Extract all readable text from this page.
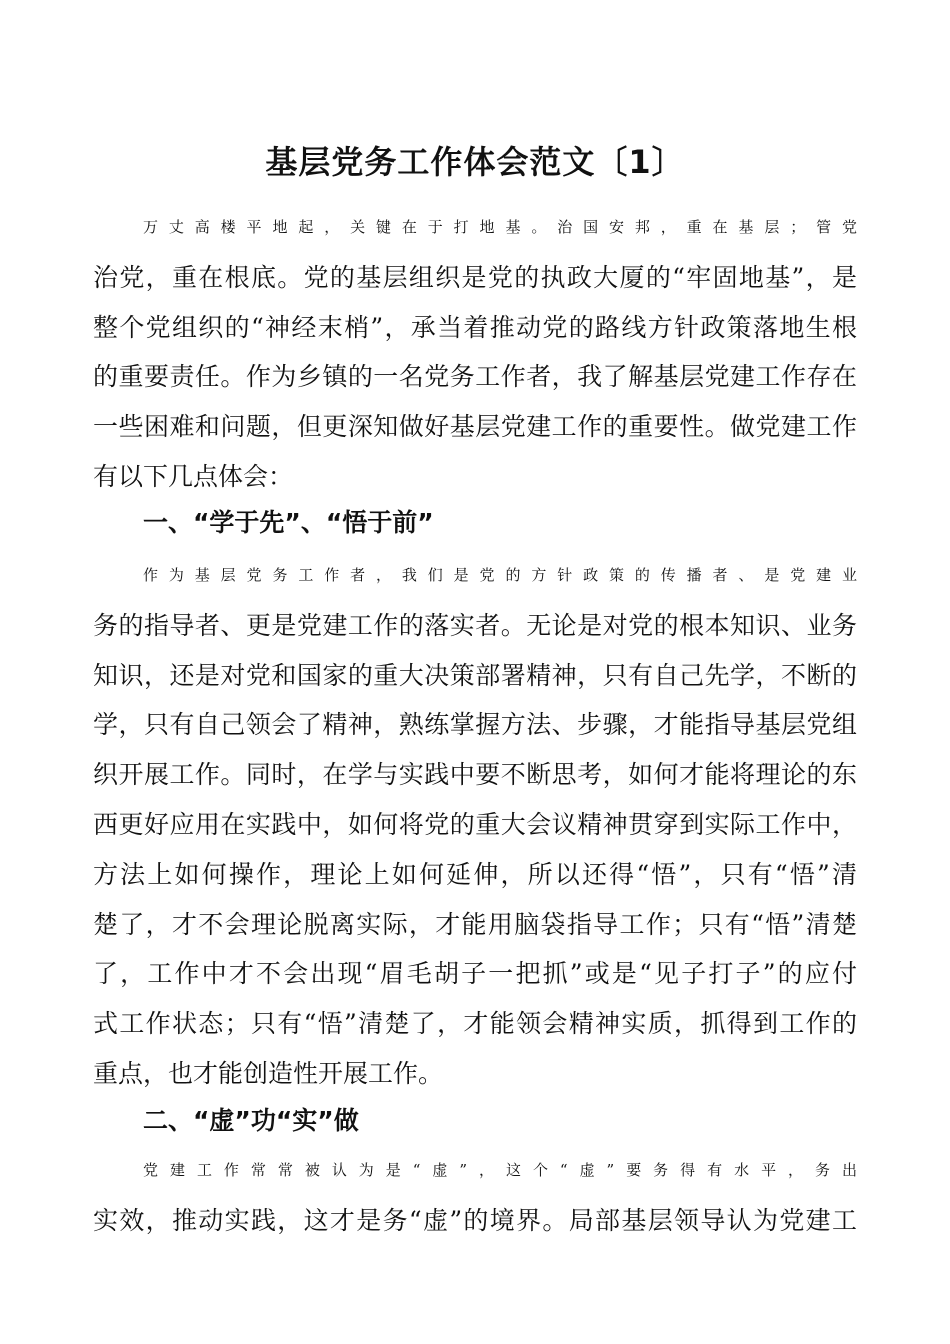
基层党务工作体会范文〔1〕
万丈高楼平地起，关键在于打地基。治国安邦，重在基层；管党
治党，重在根底。党的基层组织是党的执政大厦的“牢固地基”，是
整个党组织的“神经末梢”，承当着推动党的路线方针政策落地生根
的重要责任。作为乡镇的一名党务工作者，我了解基层党建工作存在
一些困难和问题，但更深知做好基层党建工作的重要性。做党建工作
有以下几点体会：
一、“学于先”、“悟于前”
作为基层党务工作者，我们是党的方针政策的传播者、是党建业
务的指导者、更是党建工作的落实者。无论是对党的根本知识、业务
知识，还是对党和国家的重大决策部署精神，只有自己先学，不断的
学，只有自己领会了精神，熟练掌握方法、步骤，才能指导基层党组
织开展工作。同时，在学与实践中要不断思考，如何才能将理论的东
西更好应用在实践中，如何将党的重大会议精神贯穿到实际工作中，
方法上如何操作，理论上如何延伸，所以还得“悟”，只有“悟”清
楚了，才不会理论脱离实际，才能用脑袋指导工作；只有“悟”清楚
了，工作中才不会出现“眉毛胡子一把抓”或是“见子打子”的应付
式工作状态；只有“悟”清楚了，才能领会精神实质，抓得到工作的
重点，也才能创造性开展工作。
二、“虚”功“实”做
党建工作常常被认为是“虚”，这个“虚”要务得有水平，务出
实效，推动实践，这才是务“虚”的境界。局部基层领导认为党建工
